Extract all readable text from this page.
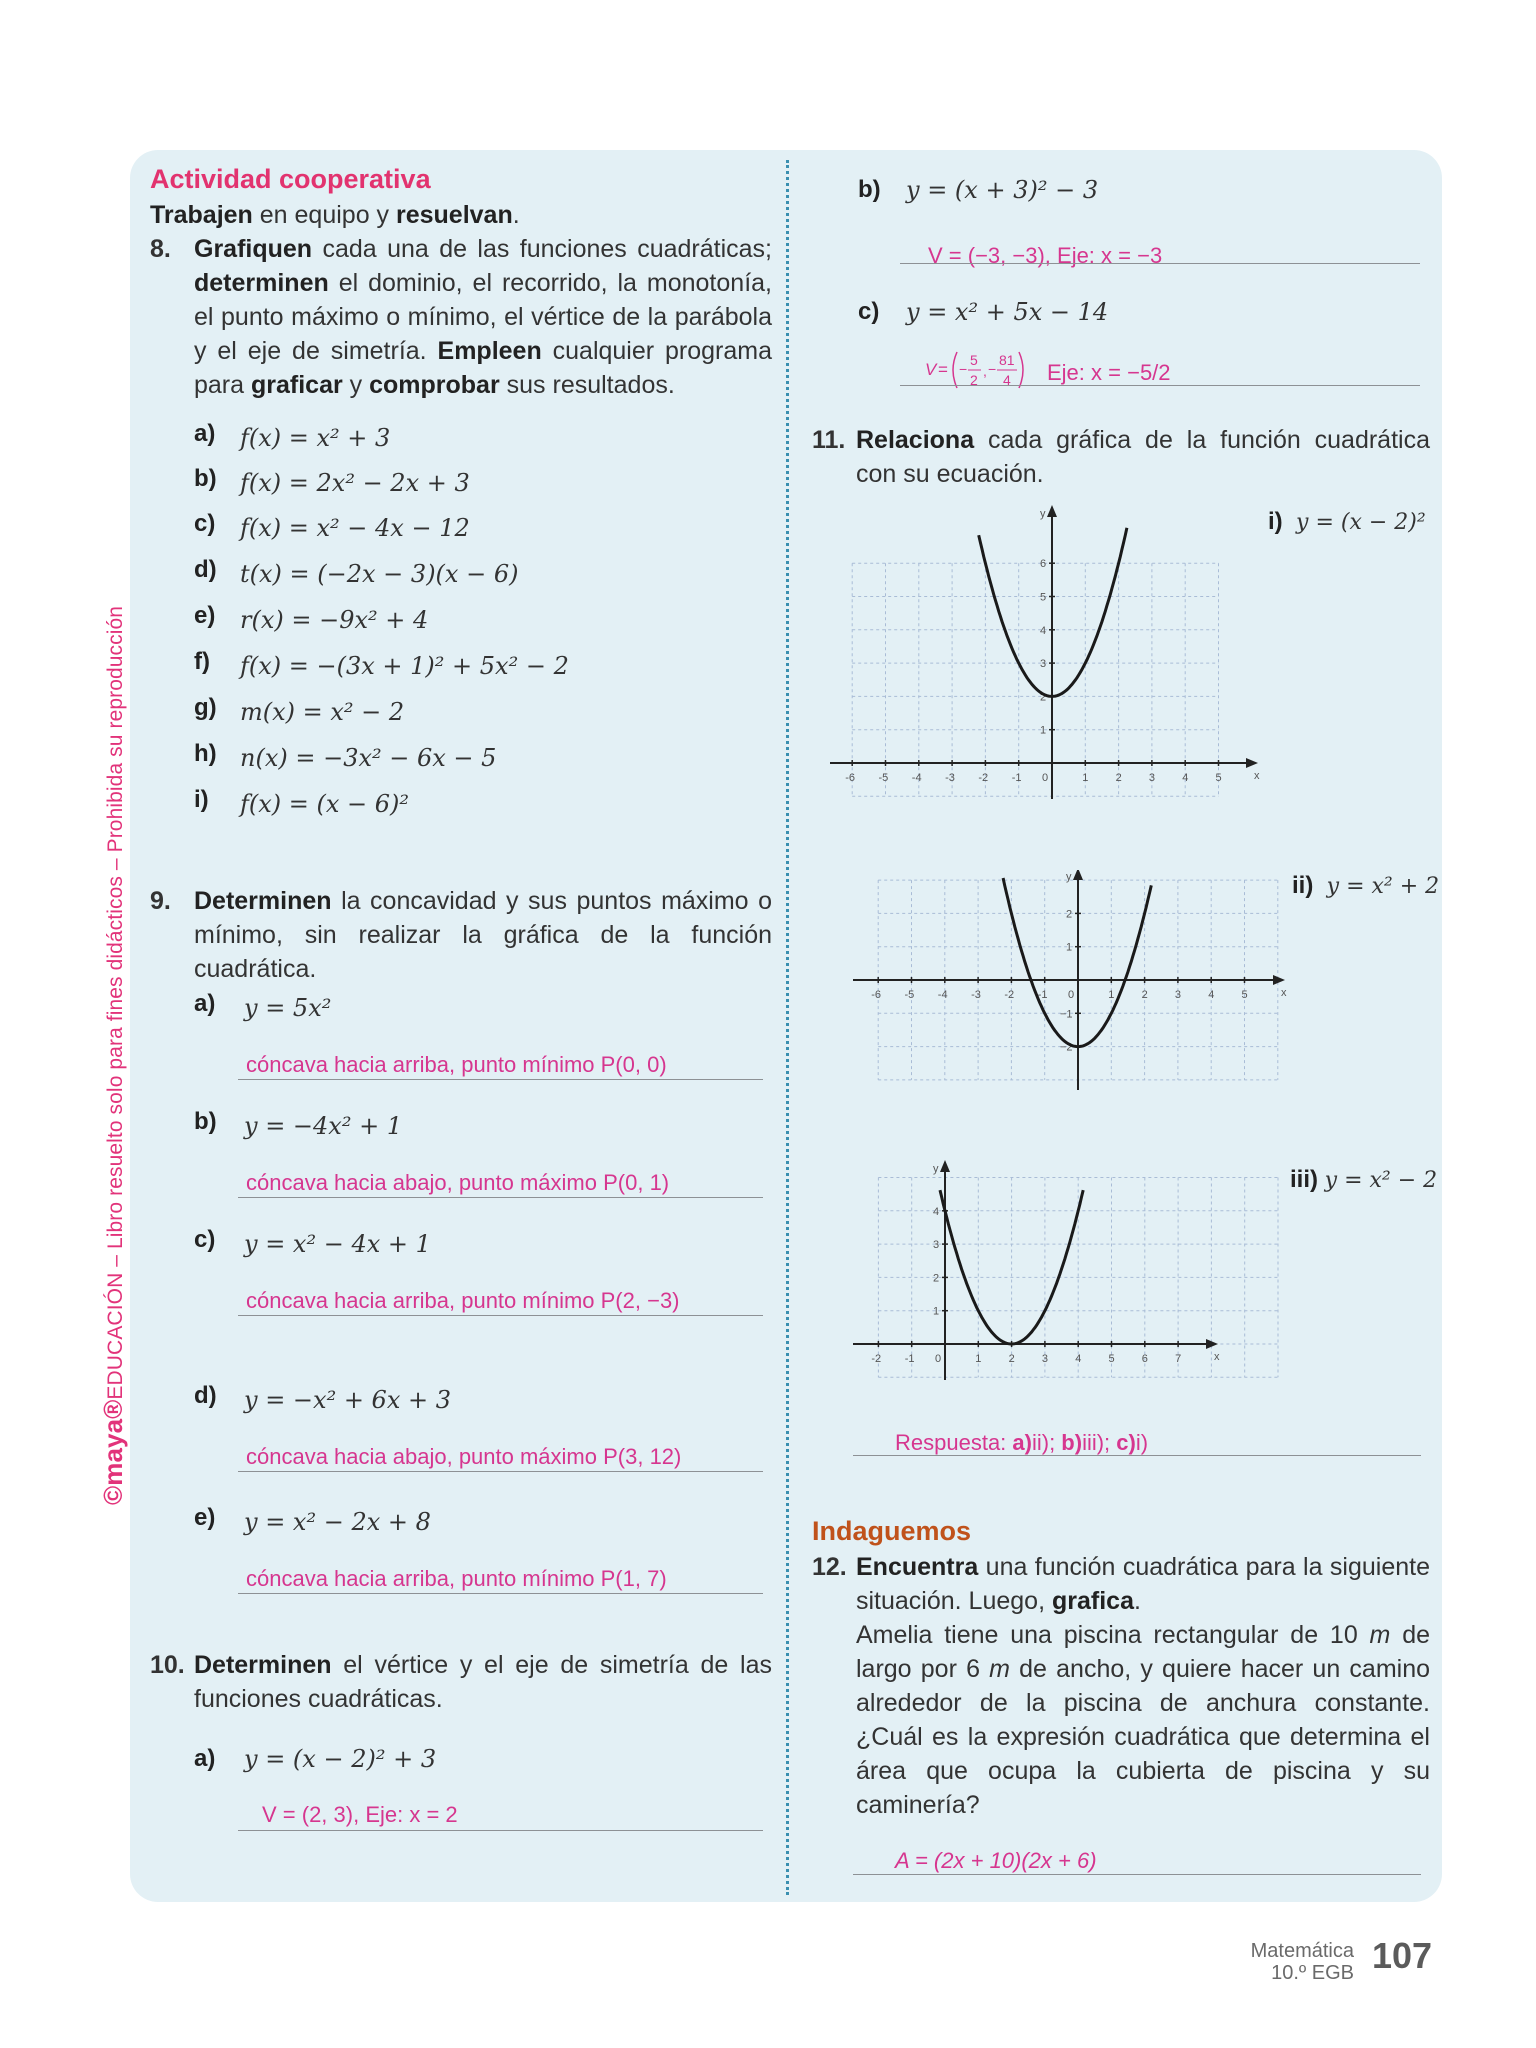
©maya®EDUCACIÓN – Libro resuelto solo para fines didácticos – Prohibida su reproducción
Actividad cooperativa
Trabajen en equipo y resuelvan.
8. Grafiquen cada una de las funciones cuadráticas; determinen el dominio, el recorrido, la monotonía, el punto máximo o mínimo, el vértice de la parábola y el eje de simetría. Empleen cualquier programa para graficar y comprobar sus resultados.
a) f(x) = x² + 3
b) f(x) = 2x² − 2x + 3
c) f(x) = x² − 4x − 12
d) t(x) = (−2x − 3)(x − 6)
e) r(x) = −9x² + 4
f) f(x) = −(3x + 1)² + 5x² − 2
g) m(x) = x² − 2
h) n(x) = −3x² − 6x − 5
i) f(x) = (x − 6)²
9. Determinen la concavidad y sus puntos máximo o mínimo, sin realizar la gráfica de la función cuadrática.
a) y = 5x²
cóncava hacia arriba, punto mínimo P(0, 0)
b) y = −4x² + 1
cóncava hacia abajo, punto máximo P(0, 1)
c) y = x² − 4x + 1
cóncava hacia arriba, punto mínimo P(2, −3)
d) y = −x² + 6x + 3
cóncava hacia abajo, punto máximo P(3, 12)
e) y = x² − 2x + 8
cóncava hacia arriba, punto mínimo P(1, 7)
10. Determinen el vértice y el eje de simetría de las funciones cuadráticas.
a) y = (x − 2)² + 3
V = (2, 3), Eje: x = 2
b) y = (x + 3)² − 3
V = (−3, −3), Eje: x = −3
c) y = x² + 5x − 14
V = −
5
2
, −
81
4 Eje: x = −5/2
11. Relaciona cada gráfica de la función cuadrática con su ecuación.
-6 -5 -4 -3 -2 -1 0	1 2 3 4 5	x
1
2
3
4
5
6
y	i) y = (x − 2)²
-6 -5 -4 -3 -2 -1 0	1 2 3 4 5	x
−2
−1
1
2
y	ii) y = x² + 2
-2 -1 0	1 2 3 4 5 6 7	x
1
2
3
4
y	iii) y = x² − 2
Respuesta: a)ii); b)iii); c)i)
Indaguemos
12. Encuentra una función cuadrática para la siguiente situación. Luego, grafica.
Amelia tiene una piscina rectangular de 10 m de largo por 6 m de ancho, y quiere hacer un camino alrededor de la piscina de anchura constante. ¿Cuál es la expresión cuadrática que determina el área que ocupa la cubierta de piscina y su caminería?
A = (2x + 10)(2x + 6)
Matemática
10.º EGB 107
